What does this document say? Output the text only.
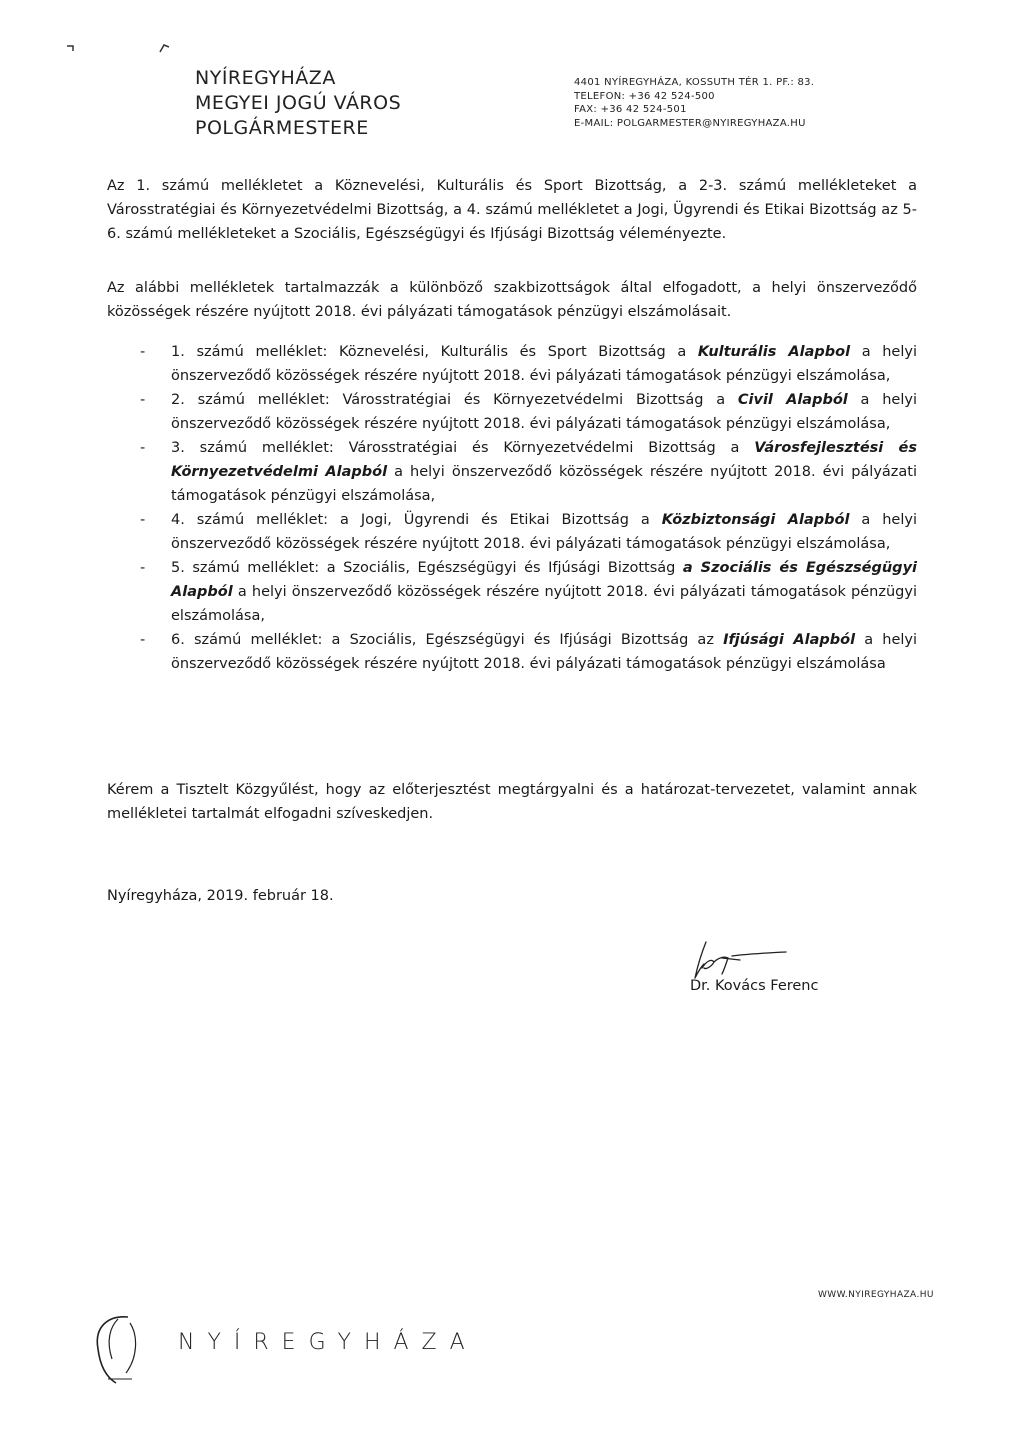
NYÍREGYHÁZA
MEGYEI JOGÚ VÁROS
POLGÁRMESTERE
4401 NYÍREGYHÁZA, KOSSUTH TÉR 1. PF.: 83.
TELEFON: +36 42 524-500
FAX: +36 42 524-501
E-MAIL: POLGARMESTER@NYIREGYHAZA.HU
Az 1. számú mellékletet a Köznevelési, Kulturális és Sport Bizottság, a 2-3. számú mellékleteket a Városstratégiai és Környezetvédelmi Bizottság, a 4. számú mellékletet a Jogi, Ügyrendi és Etikai Bizottság az 5-6. számú mellékleteket a Szociális, Egészségügyi és Ifjúsági Bizottság véleményezte.
Az alábbi mellékletek tartalmazzák a különböző szakbizottságok által elfogadott, a helyi önszerveződő közösségek részére nyújtott 2018. évi pályázati támogatások pénzügyi elszámolásait.
- 1. számú melléklet: Köznevelési, Kulturális és Sport Bizottság a Kulturális Alapbol a helyi önszerveződő közösségek részére nyújtott 2018. évi pályázati támogatások pénzügyi elszámolása,
- 2. számú melléklet: Városstratégiai és Környezetvédelmi Bizottság a Civil Alapból a helyi önszerveződő közösségek részére nyújtott 2018. évi pályázati támogatások pénzügyi elszámolása,
- 3. számú melléklet: Városstratégiai és Környezetvédelmi Bizottság a Városfejlesztési és Környezetvédelmi Alapból a helyi önszerveződő közösségek részére nyújtott 2018. évi pályázati támogatások pénzügyi elszámolása,
- 4. számú melléklet: a Jogi, Ügyrendi és Etikai Bizottság a Közbiztonsági Alapból a helyi önszerveződő közösségek részére nyújtott 2018. évi pályázati támogatások pénzügyi elszámolása,
- 5. számú melléklet: a Szociális, Egészségügyi és Ifjúsági Bizottság a Szociális és Egészségügyi Alapból a helyi önszerveződő közösségek részére nyújtott 2018. évi pályázati támogatások pénzügyi elszámolása,
- 6. számú melléklet: a Szociális, Egészségügyi és Ifjúsági Bizottság az Ifjúsági Alapból a helyi önszerveződő közösségek részére nyújtott 2018. évi pályázati támogatások pénzügyi elszámolása
Kérem a Tisztelt Közgyűlést, hogy az előterjesztést megtárgyalni és a határozat-tervezetet, valamint annak mellékletei tartalmát elfogadni szíveskedjen.
Nyíregyháza, 2019. február 18.
Dr. Kovács Ferenc
WWW.NYIREGYHAZA.HU
NYÍREGYHÁZA
